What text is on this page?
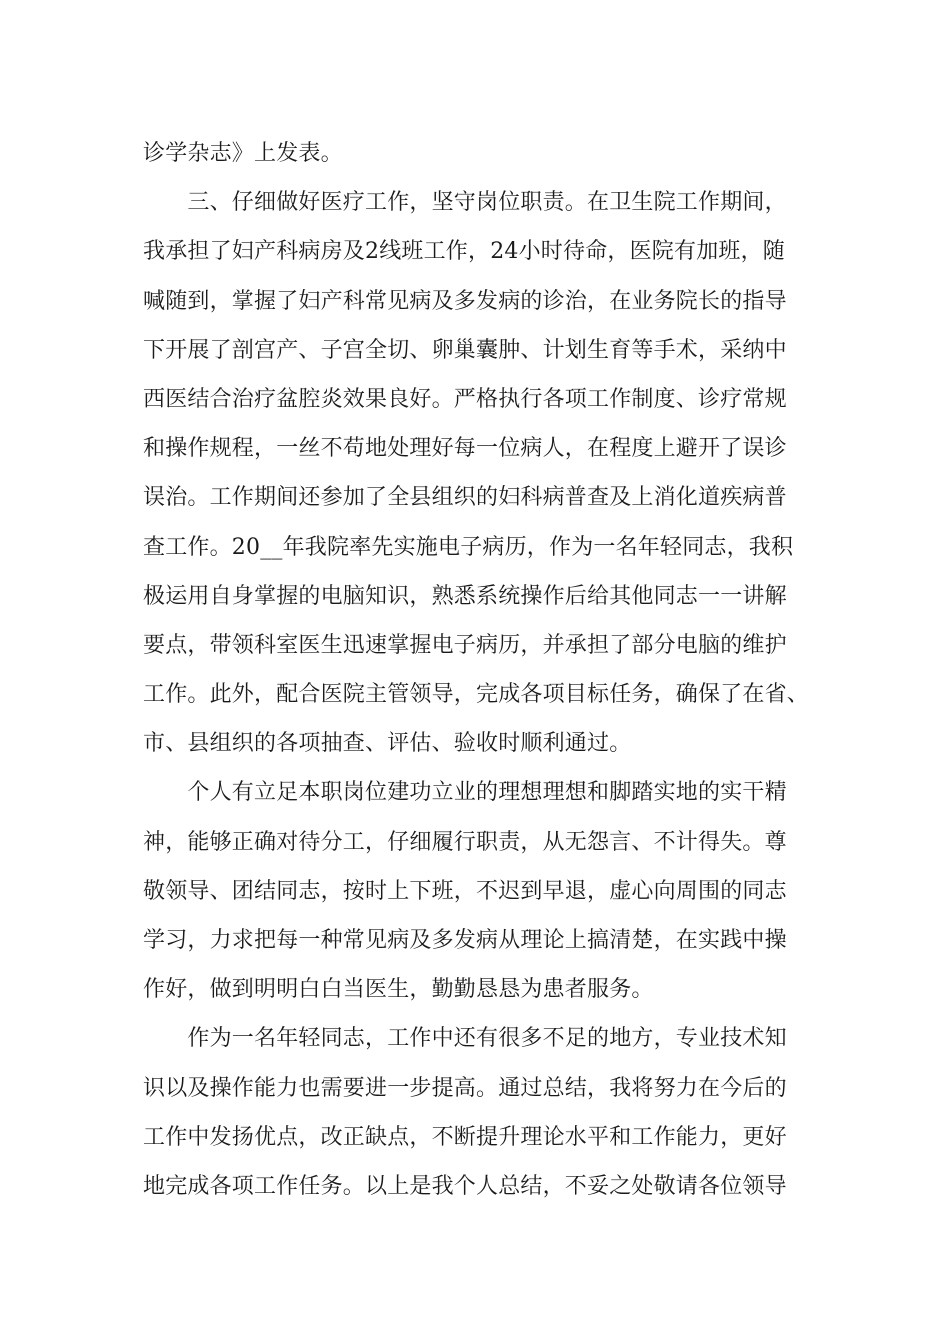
诊学杂志》上发表。
　　三、仔细做好医疗工作，坚守岗位职责。在卫生院工作期间，
我承担了妇产科病房及2线班工作，24小时待命，医院有加班，随
喊随到，掌握了妇产科常见病及多发病的诊治，在业务院长的指导
下开展了剖宫产、子宫全切、卵巢囊肿、计划生育等手术，采纳中
西医结合治疗盆腔炎效果良好。严格执行各项工作制度、诊疗常规
和操作规程，一丝不苟地处理好每一位病人，在程度上避开了误诊
误治。工作期间还参加了全县组织的妇科病普查及上消化道疾病普
查工作。20__年我院率先实施电子病历，作为一名年轻同志，我积
极运用自身掌握的电脑知识，熟悉系统操作后给其他同志一一讲解
要点，带领科室医生迅速掌握电子病历，并承担了部分电脑的维护
工作。此外，配合医院主管领导，完成各项目标任务，确保了在省、
市、县组织的各项抽查、评估、验收时顺利通过。
　　个人有立足本职岗位建功立业的理想理想和脚踏实地的实干精
神，能够正确对待分工，仔细履行职责，从无怨言、不计得失。尊
敬领导、团结同志，按时上下班，不迟到早退，虚心向周围的同志
学习，力求把每一种常见病及多发病从理论上搞清楚，在实践中操
作好，做到明明白白当医生，勤勤恳恳为患者服务。
　　作为一名年轻同志，工作中还有很多不足的地方，专业技术知
识以及操作能力也需要进一步提高。通过总结，我将努力在今后的
工作中发扬优点，改正缺点，不断提升理论水平和工作能力，更好
地完成各项工作任务。以上是我个人总结，不妥之处敬请各位领导
